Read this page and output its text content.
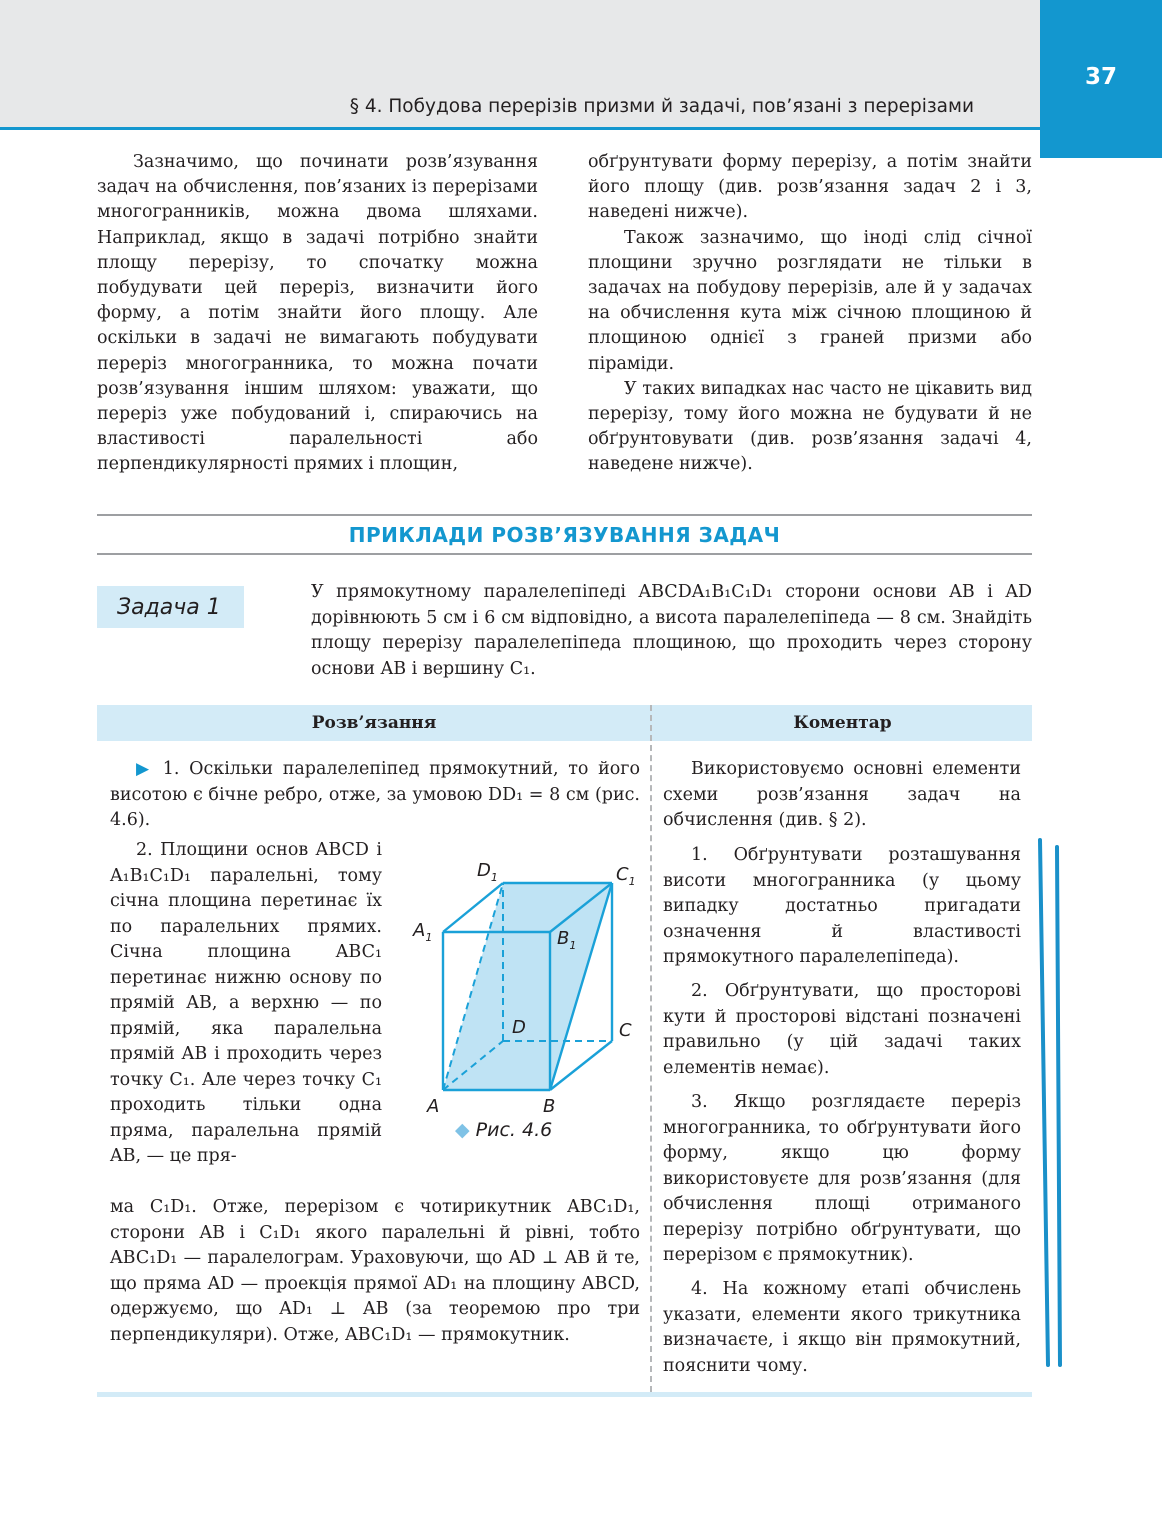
§ 4. Побудова перерізів призми й задачі, пов’язані з перерізами
37

Зазначимо, що починати розв’язування задач на обчислення, пов’язаних із перерізами многогранників, можна двома шляхами. Наприклад, якщо в задачі потрібно знайти площу перерізу, то спочатку можна побудувати цей переріз, визначити його форму, а потім знайти його площу. Але оскільки в задачі не вимагають побудувати переріз многогранника, то можна почати розв’язування іншим шляхом: уважати, що переріз уже побудований і, спираючись на властивості паралельності або перпендикулярності прямих і площин,

обґрунтувати форму перерізу, а потім знайти його площу (див. розв’язання задач 2 і 3, наведені нижче).

Також зазначимо, що іноді слід січної площини зручно розглядати не тільки в задачах на побудову перерізів, але й у задачах на обчислення кута між січною площиною й площиною однієї з граней призми або піраміди.

У таких випадках нас часто не цікавить вид перерізу, тому його можна не будувати й не обґрунтовувати (див. розв’язання задачі 4, наведене нижче).

ПРИКЛАДИ РОЗВ’ЯЗУВАННЯ ЗАДАЧ
Задача 1

У прямокутному паралелепіпеді ABCDA₁B₁C₁D₁ сторони основи AB і AD дорівнюють 5 см і 6 см відповідно, а висота паралелепіпеда — 8 см. Знайдіть площу перерізу паралелепіпеда площиною, що проходить через сторону основи AB і вершину C₁.

Розв’язання	Коментар

▶ 1. Оскільки паралелепіпед прямокутний, то його висотою є бічне ребро, отже, за умовою DD₁ = 8 см (рис. 4.6).

2. Площини основ ABCD і A₁B₁C₁D₁ паралельні, тому січна площина перетинає їх по паралельних прямих. Січна площина ABC₁ перетинає нижню основу по прямій AB, а верхню — по прямій, яка паралельна прямій AB і проходить через точку C₁. Але через точку C₁ проходить тільки одна пряма, паралельна прямій AB, — це пря-

ма C₁D₁. Отже, перерізом є чотирикутник ABC₁D₁, сторони AB і C₁D₁ якого паралельні й рівні, тобто ABC₁D₁ — паралелограм. Ураховуючи, що AD ⊥ AB й те, що пряма AD — проекція прямої AD₁ на площину ABCD, одержуємо, що AD₁ ⊥ AB (за теоремою про три перпендикуляри). Отже, ABC₁D₁ — прямокутник.

A	B
C
D
$A_1$	$B_1$
$C_1$
$D_1$
◆ Рис. 4.6

Використовуємо основні елементи схеми розв’язання задач на обчислення (див. § 2).

1. Обґрунтувати розташування висоти многогранника (у цьому випадку достатньо пригадати означення й властивості прямокутного паралелепіпеда).

2. Обґрунтувати, що просторові кути й просторові відстані позначені правильно (у цій задачі таких елементів немає).

3. Якщо розглядаєте переріз многогранника, то обґрунтувати його форму, якщо цю форму використовуєте для розв’язання (для обчислення площі отриманого перерізу потрібно обґрунтувати, що перерізом є прямокутник).

4. На кожному етапі обчислень указати, елементи якого трикутника визначаєте, і якщо він прямокутний, пояснити чому.
